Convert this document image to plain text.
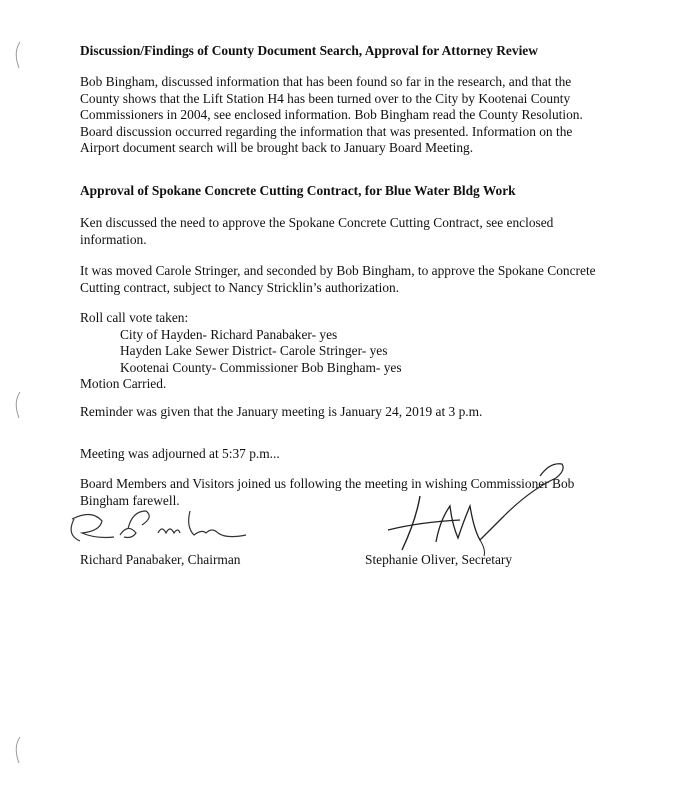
Discussion/Findings of County Document Search, Approval for Attorney Review
Bob Bingham, discussed information that has been found so far in the research, and that the
County shows that the Lift Station H4 has been turned over to the City by Kootenai County
Commissioners in 2004, see enclosed information. Bob Bingham read the County Resolution.
Board discussion occurred regarding the information that was presented. Information on the
Airport document search will be brought back to January Board Meeting.
Approval of Spokane Concrete Cutting Contract, for Blue Water Bldg Work
Ken discussed the need to approve the Spokane Concrete Cutting Contract, see enclosed
information.
It was moved Carole Stringer, and seconded by Bob Bingham, to approve the Spokane Concrete
Cutting contract, subject to Nancy Stricklin’s authorization.
Roll call vote taken:
City of Hayden- Richard Panabaker- yes
Hayden Lake Sewer District- Carole Stringer- yes
Kootenai County- Commissioner Bob Bingham- yes
Motion Carried.
Reminder was given that the January meeting is January 24, 2019 at 3 p.m.
Meeting was adjourned at 5:37 p.m...
Board Members and Visitors joined us following the meeting in wishing Commissioner Bob
Bingham farewell.
Richard Panabaker, Chairman	Stephanie Oliver, Secretary
